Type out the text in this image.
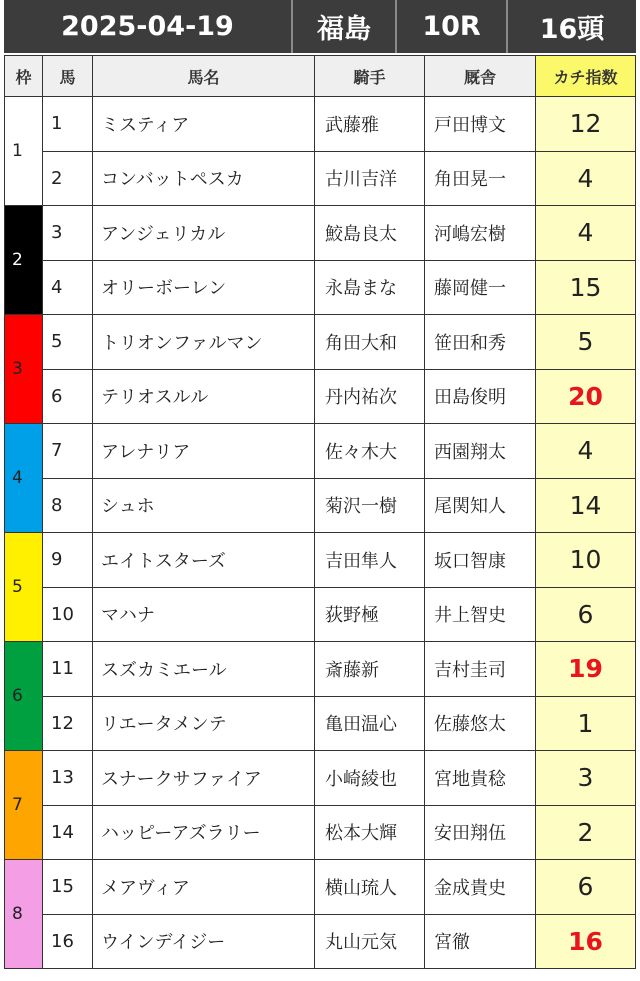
2025-04-19	福島	10R	16頭
枠	馬	馬名	騎手	厩舎	カチ指数
1	1	ミスティア	武藤雅	戸田博文	12
	2	コンバットペスカ	古川吉洋	角田晃一	4
2	3	アンジェリカル	鮫島良太	河嶋宏樹	4
	4	オリーボーレン	永島まな	藤岡健一	15
3	5	トリオンファルマン	角田大和	笹田和秀	5
	6	テリオスルル	丹内祐次	田島俊明	20
4	7	アレナリア	佐々木大	西園翔太	4
	8	シュホ	菊沢一樹	尾関知人	14
5	9	エイトスターズ	吉田隼人	坂口智康	10
	10	マハナ	荻野極	井上智史	6
6	11	スズカミエール	斎藤新	吉村圭司	19
	12	リエータメンテ	亀田温心	佐藤悠太	1
7	13	スナークサファイア	小崎綾也	宮地貴稔	3
	14	ハッピーアズラリー	松本大輝	安田翔伍	2
8	15	メアヴィア	横山琉人	金成貴史	6
	16	ウインデイジー	丸山元気	宮徹	16
